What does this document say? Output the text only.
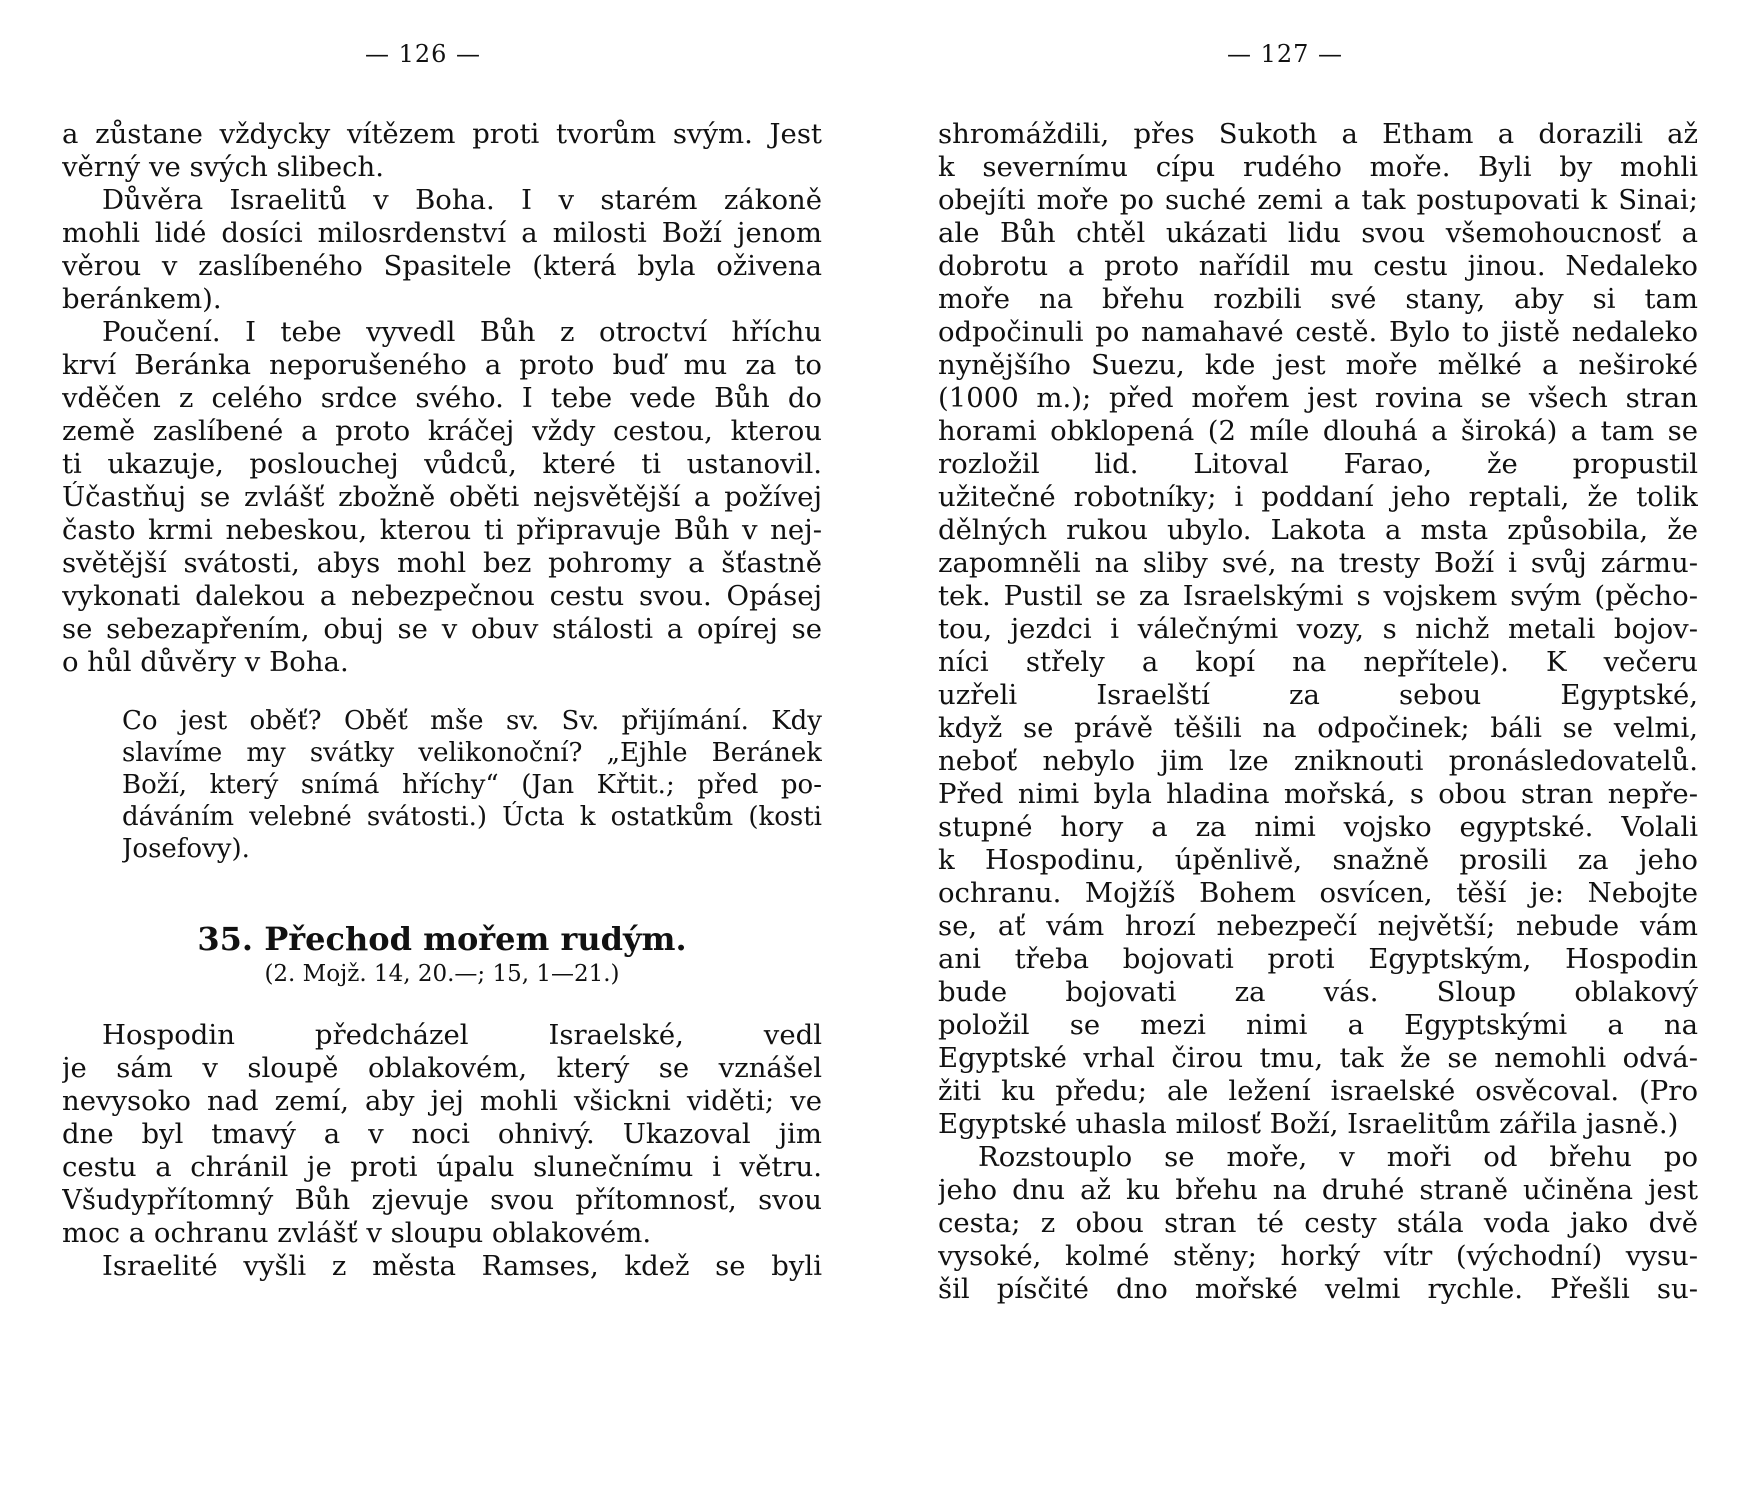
— 126 —
a zůstane vždycky vítězem proti tvorům svým. Jest
věrný ve svých slibech.
Důvěra Israelitů v Boha. I v starém zákoně
mohli lidé dosíci milosrdenství a milosti Boží jenom
věrou v zaslíbeného Spasitele (která byla oživena
beránkem).
Poučení. I tebe vyvedl Bůh z otroctví hříchu
krví Beránka neporušeného a proto buď mu za to
vděčen z celého srdce svého. I tebe vede Bůh do
země zaslíbené a proto kráčej vždy cestou, kterou
ti ukazuje, poslouchej vůdců, které ti ustanovil.
Účastňuj se zvlášť zbožně oběti nejsvětější a požívej
často krmi nebeskou, kterou ti připravuje Bůh v nej-
světější svátosti, abys mohl bez pohromy a šťastně
vykonati dalekou a nebezpečnou cestu svou. Opásej
se sebezapřením, obuj se v obuv stálosti a opírej se
o hůl důvěry v Boha.
Co jest oběť? Oběť mše sv. Sv. přijímání. Kdy
slavíme my svátky velikonoční? „Ejhle Beránek
Boží, který snímá hříchy“ (Jan Křtit.; před po-
dáváním velebné svátosti.) Úcta k ostatkům (kosti
Josefovy).
35. Přechod mořem rudým.
(2. Mojž. 14, 20.—; 15, 1—21.)
Hospodin předcházel Israelské, vedl
je sám v sloupě oblakovém, který se vznášel
nevysoko nad zemí, aby jej mohli všickni viděti; ve
dne byl tmavý a v noci ohnivý. Ukazoval jim
cestu a chránil je proti úpalu slunečnímu i větru.
Všudypřítomný Bůh zjevuje svou přítomnosť, svou
moc a ochranu zvlášť v sloupu oblakovém.
Israelité vyšli z města Ramses, kdež se byli
— 127 —
shromáždili, přes Sukoth a Etham a dorazili až
k severnímu cípu rudého moře. Byli by mohli
obejíti moře po suché zemi a tak postupovati k Sinai;
ale Bůh chtěl ukázati lidu svou všemohoucnosť a
dobrotu a proto nařídil mu cestu jinou. Nedaleko
moře na břehu rozbili své stany, aby si tam
odpočinuli po namahavé cestě. Bylo to jistě nedaleko
nynějšího Suezu, kde jest moře mělké a neširoké
(1000 m.); před mořem jest rovina se všech stran
horami obklopená (2 míle dlouhá a široká) a tam se
rozložil lid. Litoval Farao, že propustil
užitečné robotníky; i poddaní jeho reptali, že tolik
dělných rukou ubylo. Lakota a msta způsobila, že
zapomněli na sliby své, na tresty Boží i svůj zármu-
tek. Pustil se za Israelskými s vojskem svým (pěcho-
tou, jezdci i válečnými vozy, s nichž metali bojov-
níci střely a kopí na nepřítele). K večeru
uzřeli Israelští za sebou Egyptské,
když se právě těšili na odpočinek; báli se velmi,
neboť nebylo jim lze zniknouti pronásledovatelů.
Před nimi byla hladina mořská, s obou stran nepře-
stupné hory a za nimi vojsko egyptské. Volali
k Hospodinu, úpěnlivě, snažně prosili za jeho
ochranu. Mojžíš Bohem osvícen, těší je: Nebojte
se, ať vám hrozí nebezpečí největší; nebude vám
ani třeba bojovati proti Egyptským, Hospodin
bude bojovati za vás. Sloup oblakový
položil se mezi nimi a Egyptskými a na
Egyptské vrhal čirou tmu, tak že se nemohli odvá-
žiti ku předu; ale ležení israelské osvěcoval. (Pro
Egyptské uhasla milosť Boží, Israelitům zářila jasně.)
Rozstouplo se moře, v moři od břehu po
jeho dnu až ku břehu na druhé straně učiněna jest
cesta; z obou stran té cesty stála voda jako dvě
vysoké, kolmé stěny; horký vítr (východní) vysu-
šil písčité dno mořské velmi rychle. Přešli su-
